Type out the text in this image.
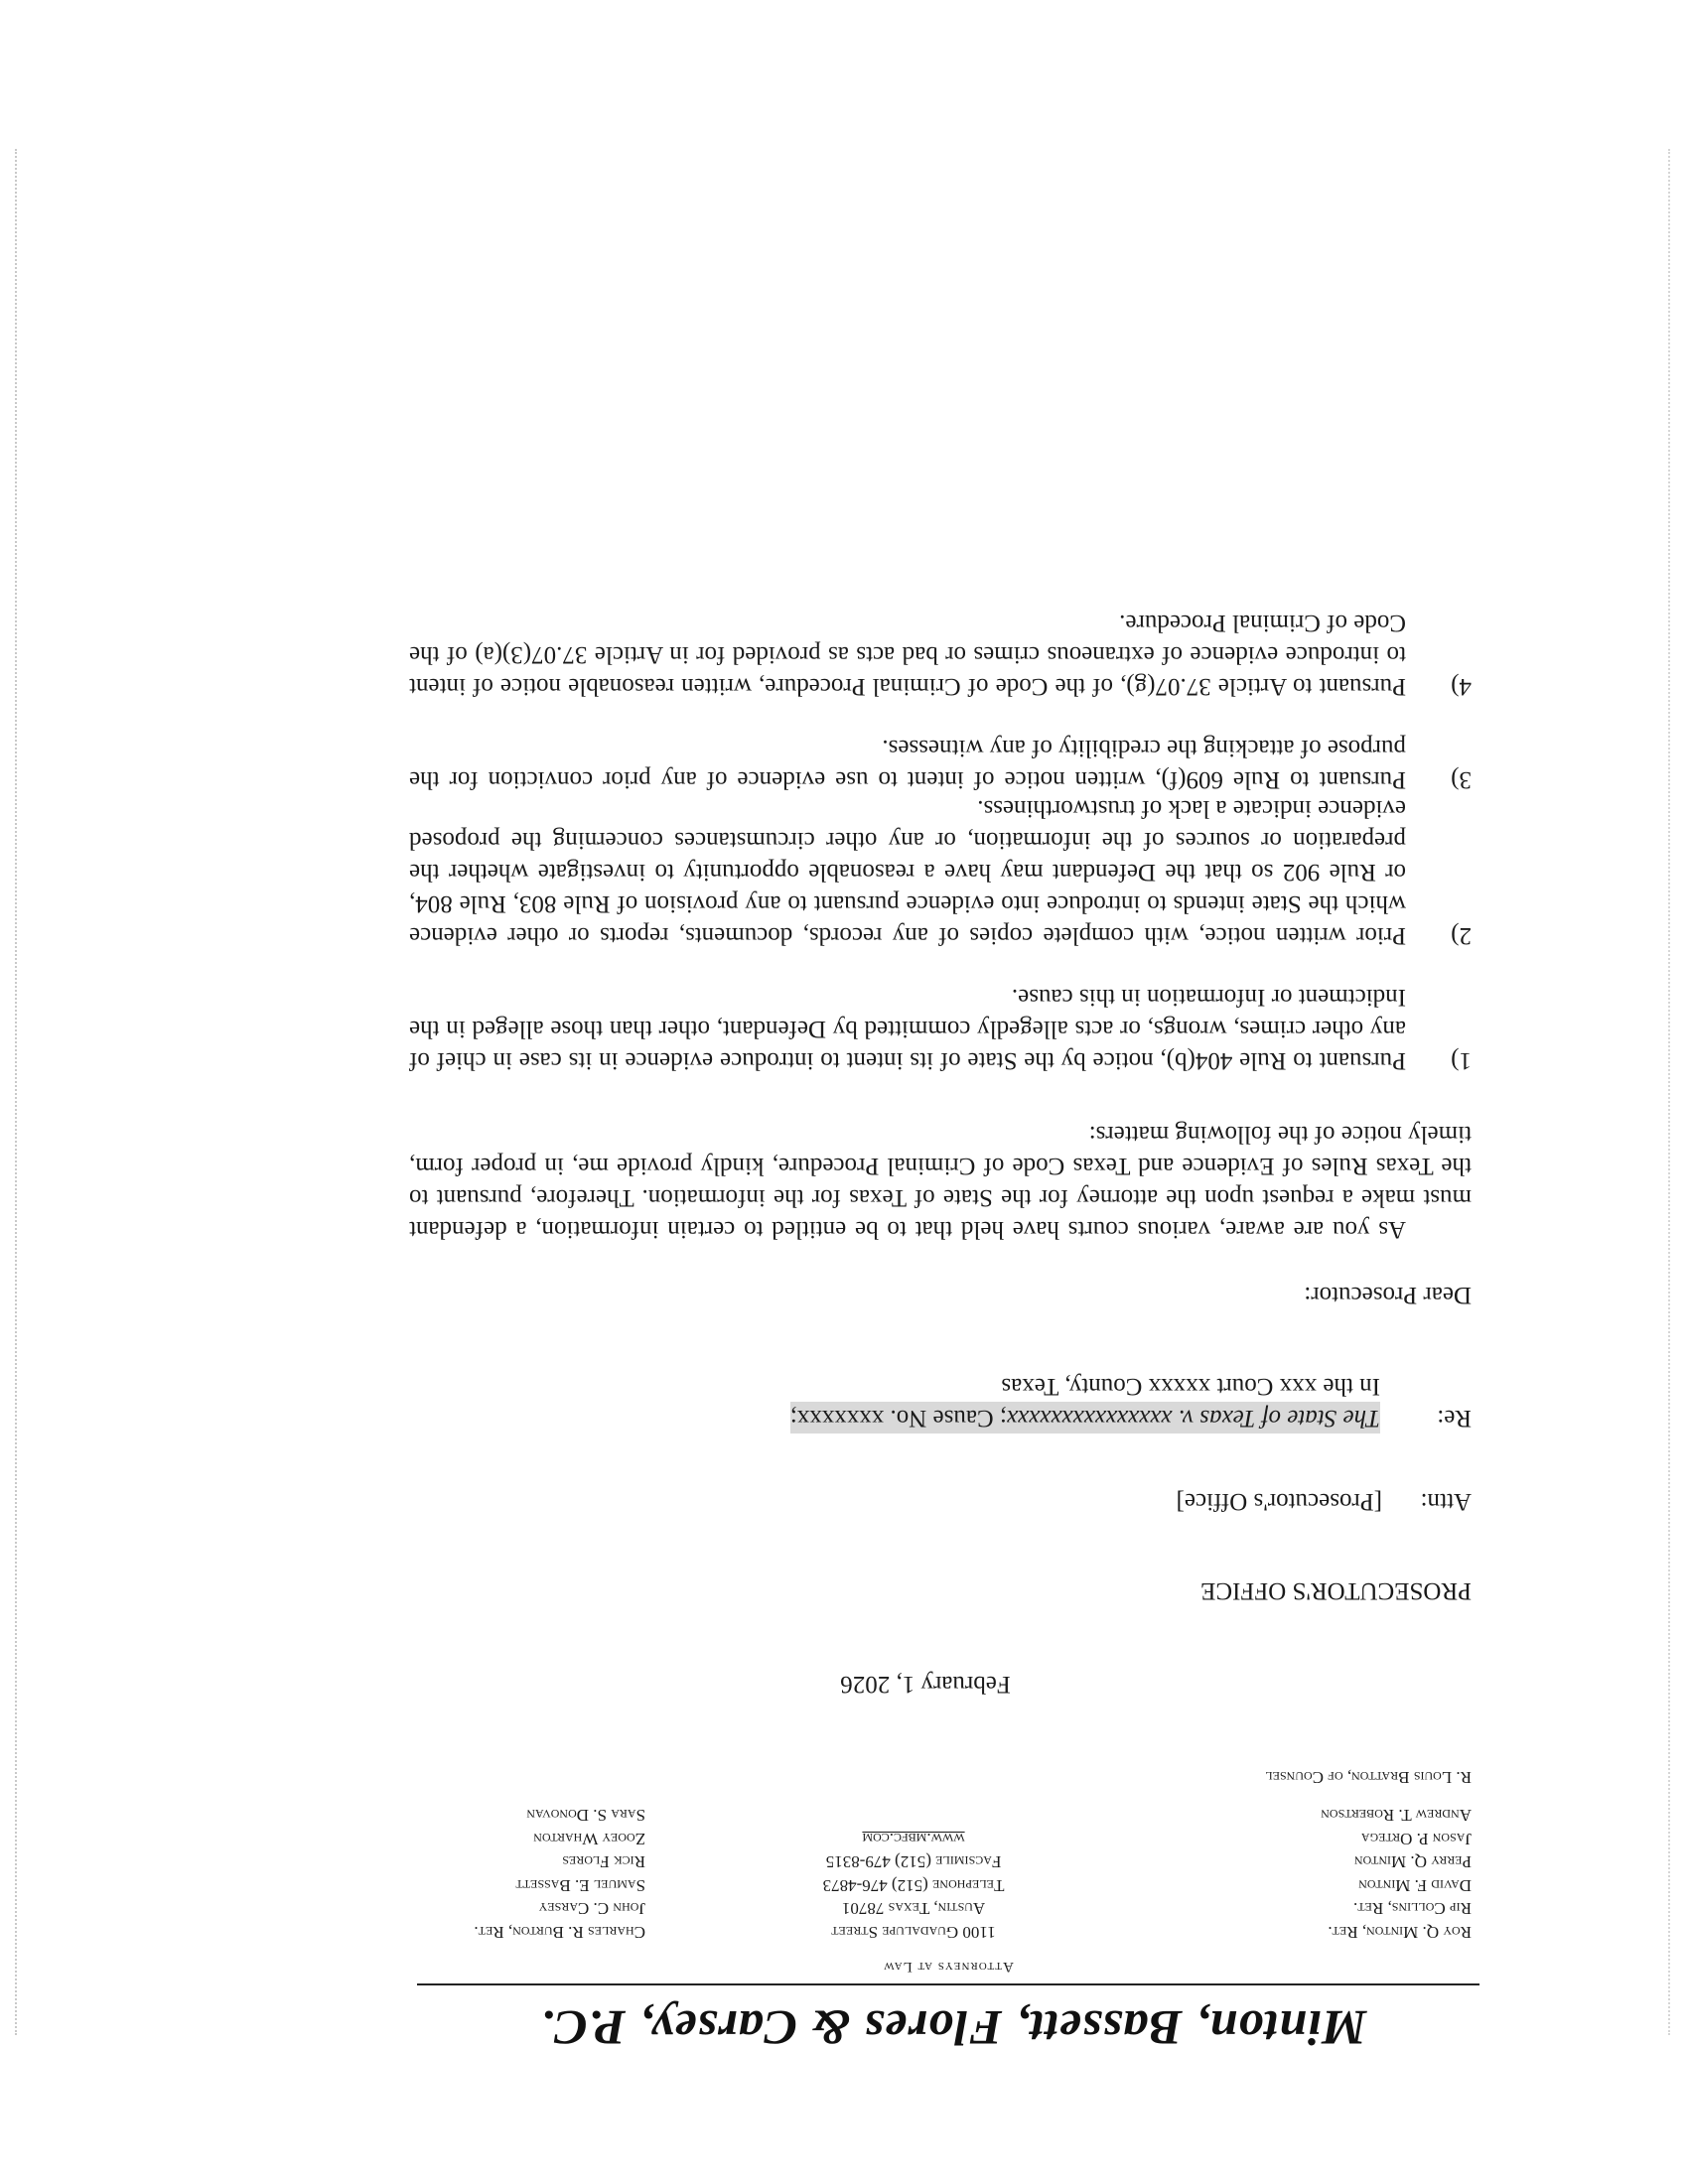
Minton, Bassett, Flores & Carsey, P.C.
Attorneys at Law
Roy Q. Minton, Ret.
Rip Collins, Ret.
David F. Minton
Perry Q. Minton
Jason P. Ortega
Andrew T. Robertson
1100 Guadalupe Street
Austin, Texas 78701
Telephone (512) 476-4873
Facsimile (512) 479-8315
www.mbfc.com
Charles R. Burton, Ret.
John C. Carsey
Samuel E. Bassett
Rick Flores
Zooey Wharton
Sara S. Donovan
R. Louis Bratton, of Counsel
February 1, 2026
PROSECUTOR'S OFFICE
Attn:[Prosecutor's Office]
Re:
The State of Texas v. xxxxxxxxxxxxxxx; Cause No. xxxxxxx;
In the xxx Court xxxxx County, Texas
Dear Prosecutor:
As you are aware, various courts have held that to be entitled to certain information, a defendant must make a request upon the attorney for the State of Texas for the information. Therefore, pursuant to the Texas Rules of Evidence and Texas Code of Criminal Procedure, kindly provide me, in proper form, timely notice of the following matters:
1)
Pursuant to Rule 404(b), notice by the State of its intent to introduce evidence in its case in chief of any other crimes, wrongs, or acts allegedly committed by Defendant, other than those alleged in the Indictment or Information in this cause.
2)
Prior written notice, with complete copies of any records, documents, reports or other evidence which the State intends to introduce into evidence pursuant to any provision of Rule 803, Rule 804, or Rule 902 so that the Defendant may have a reasonable opportunity to investigate whether the preparation or sources of the information, or any other circumstances concerning the proposed evidence indicate a lack of trustworthiness.
3)
Pursuant to Rule 609(f), written notice of intent to use evidence of any prior conviction for the purpose of attacking the credibility of any witnesses.
4)
Pursuant to Article 37.07(g), of the Code of Criminal Procedure, written reasonable notice of intent to introduce evidence of extraneous crimes or bad acts as provided for in Article 37.07(3)(a) of the Code of Criminal Procedure.
